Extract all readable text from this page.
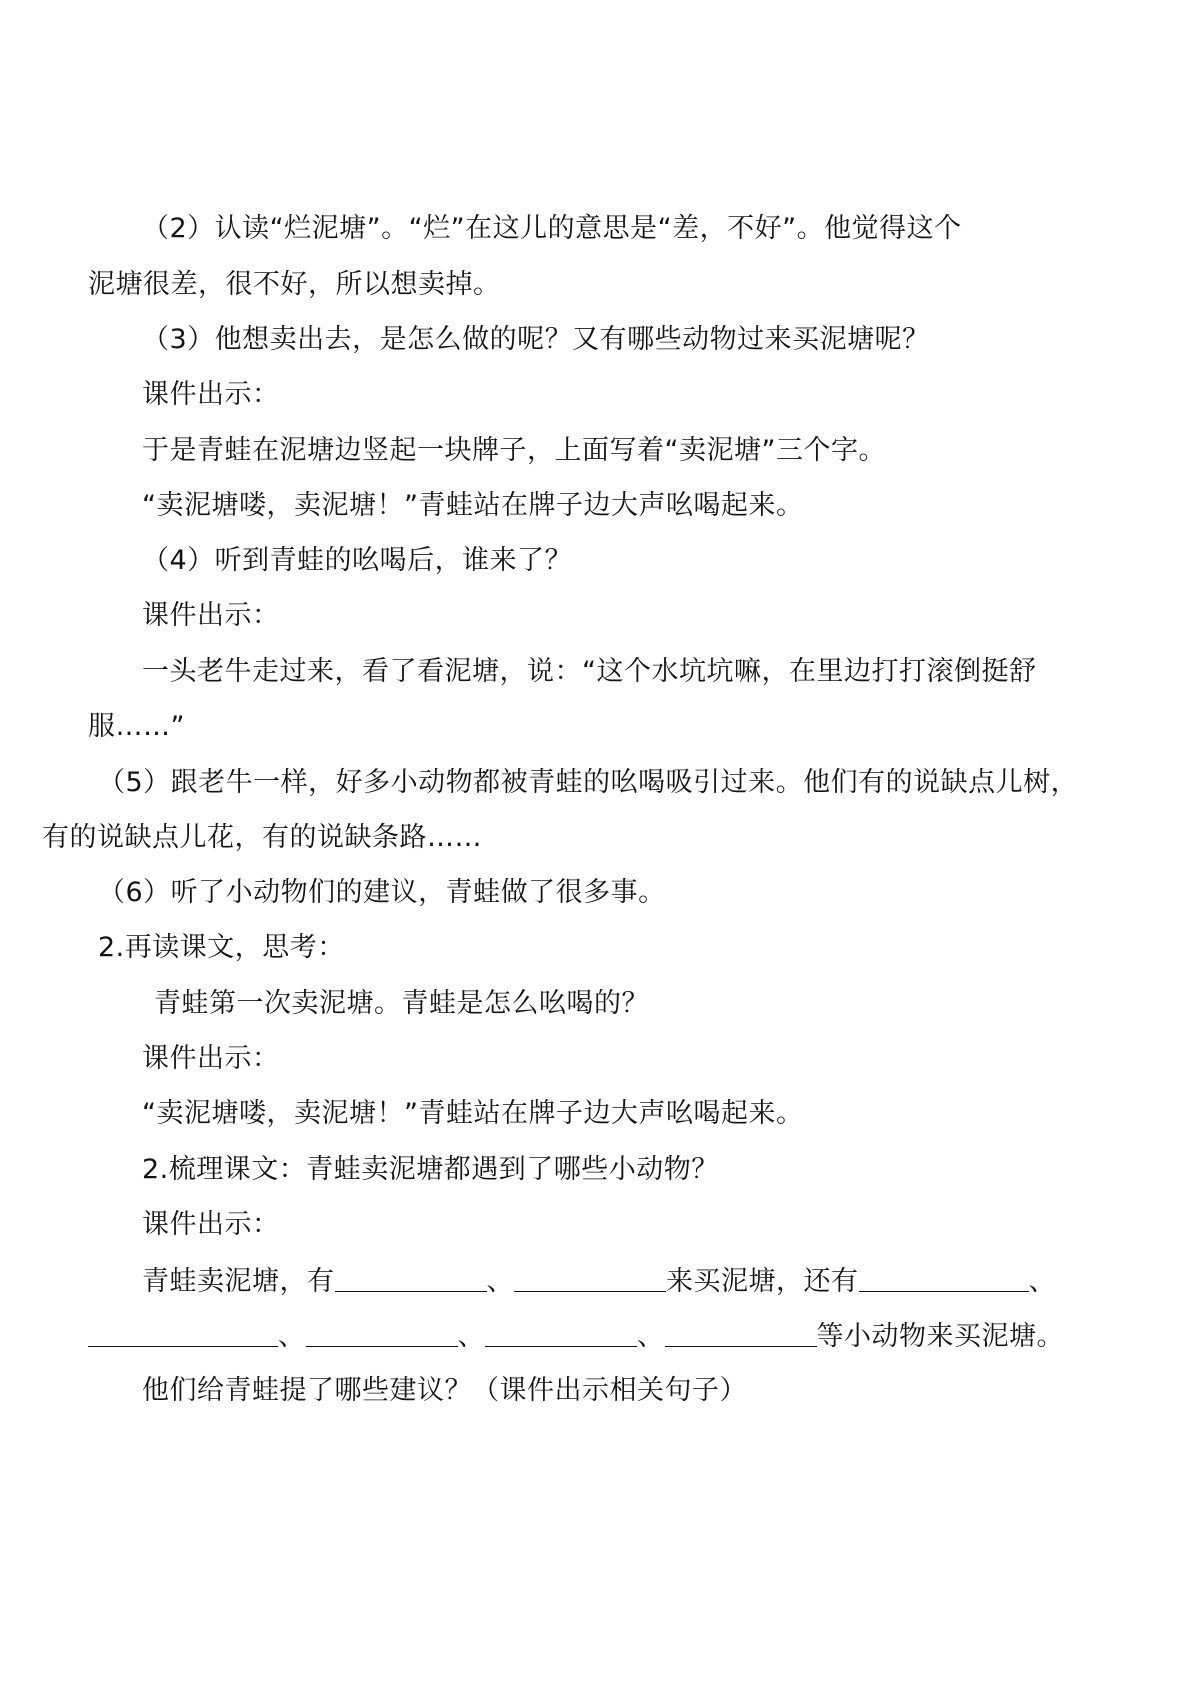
（2）认读“烂泥塘”。“烂”在这儿的意思是“差，不好”。他觉得这个
泥塘很差，很不好，所以想卖掉。
（3）他想卖出去，是怎么做的呢？又有哪些动物过来买泥塘呢？
课件出示：
于是青蛙在泥塘边竖起一块牌子，上面写着“卖泥塘”三个字。
“卖泥塘喽，卖泥塘！”青蛙站在牌子边大声吆喝起来。
（4）听到青蛙的吆喝后，谁来了？
课件出示：
一头老牛走过来，看了看泥塘，说：“这个水坑坑嘛，在里边打打滚倒挺舒
服……”
（5）跟老牛一样，好多小动物都被青蛙的吆喝吸引过来。他们有的说缺点儿树，
有的说缺点儿花，有的说缺条路……
（6）听了小动物们的建议，青蛙做了很多事。
2.再读课文，思考：
青蛙第一次卖泥塘。青蛙是怎么吆喝的？
课件出示：
“卖泥塘喽，卖泥塘！”青蛙站在牌子边大声吆喝起来。
2.梳理课文：青蛙卖泥塘都遇到了哪些小动物？
课件出示：
青蛙卖泥塘，有	、	来买泥塘，还有	、
、	、	、	等小动物来买泥塘。
他们给青蛙提了哪些建议？（课件出示相关句子）
